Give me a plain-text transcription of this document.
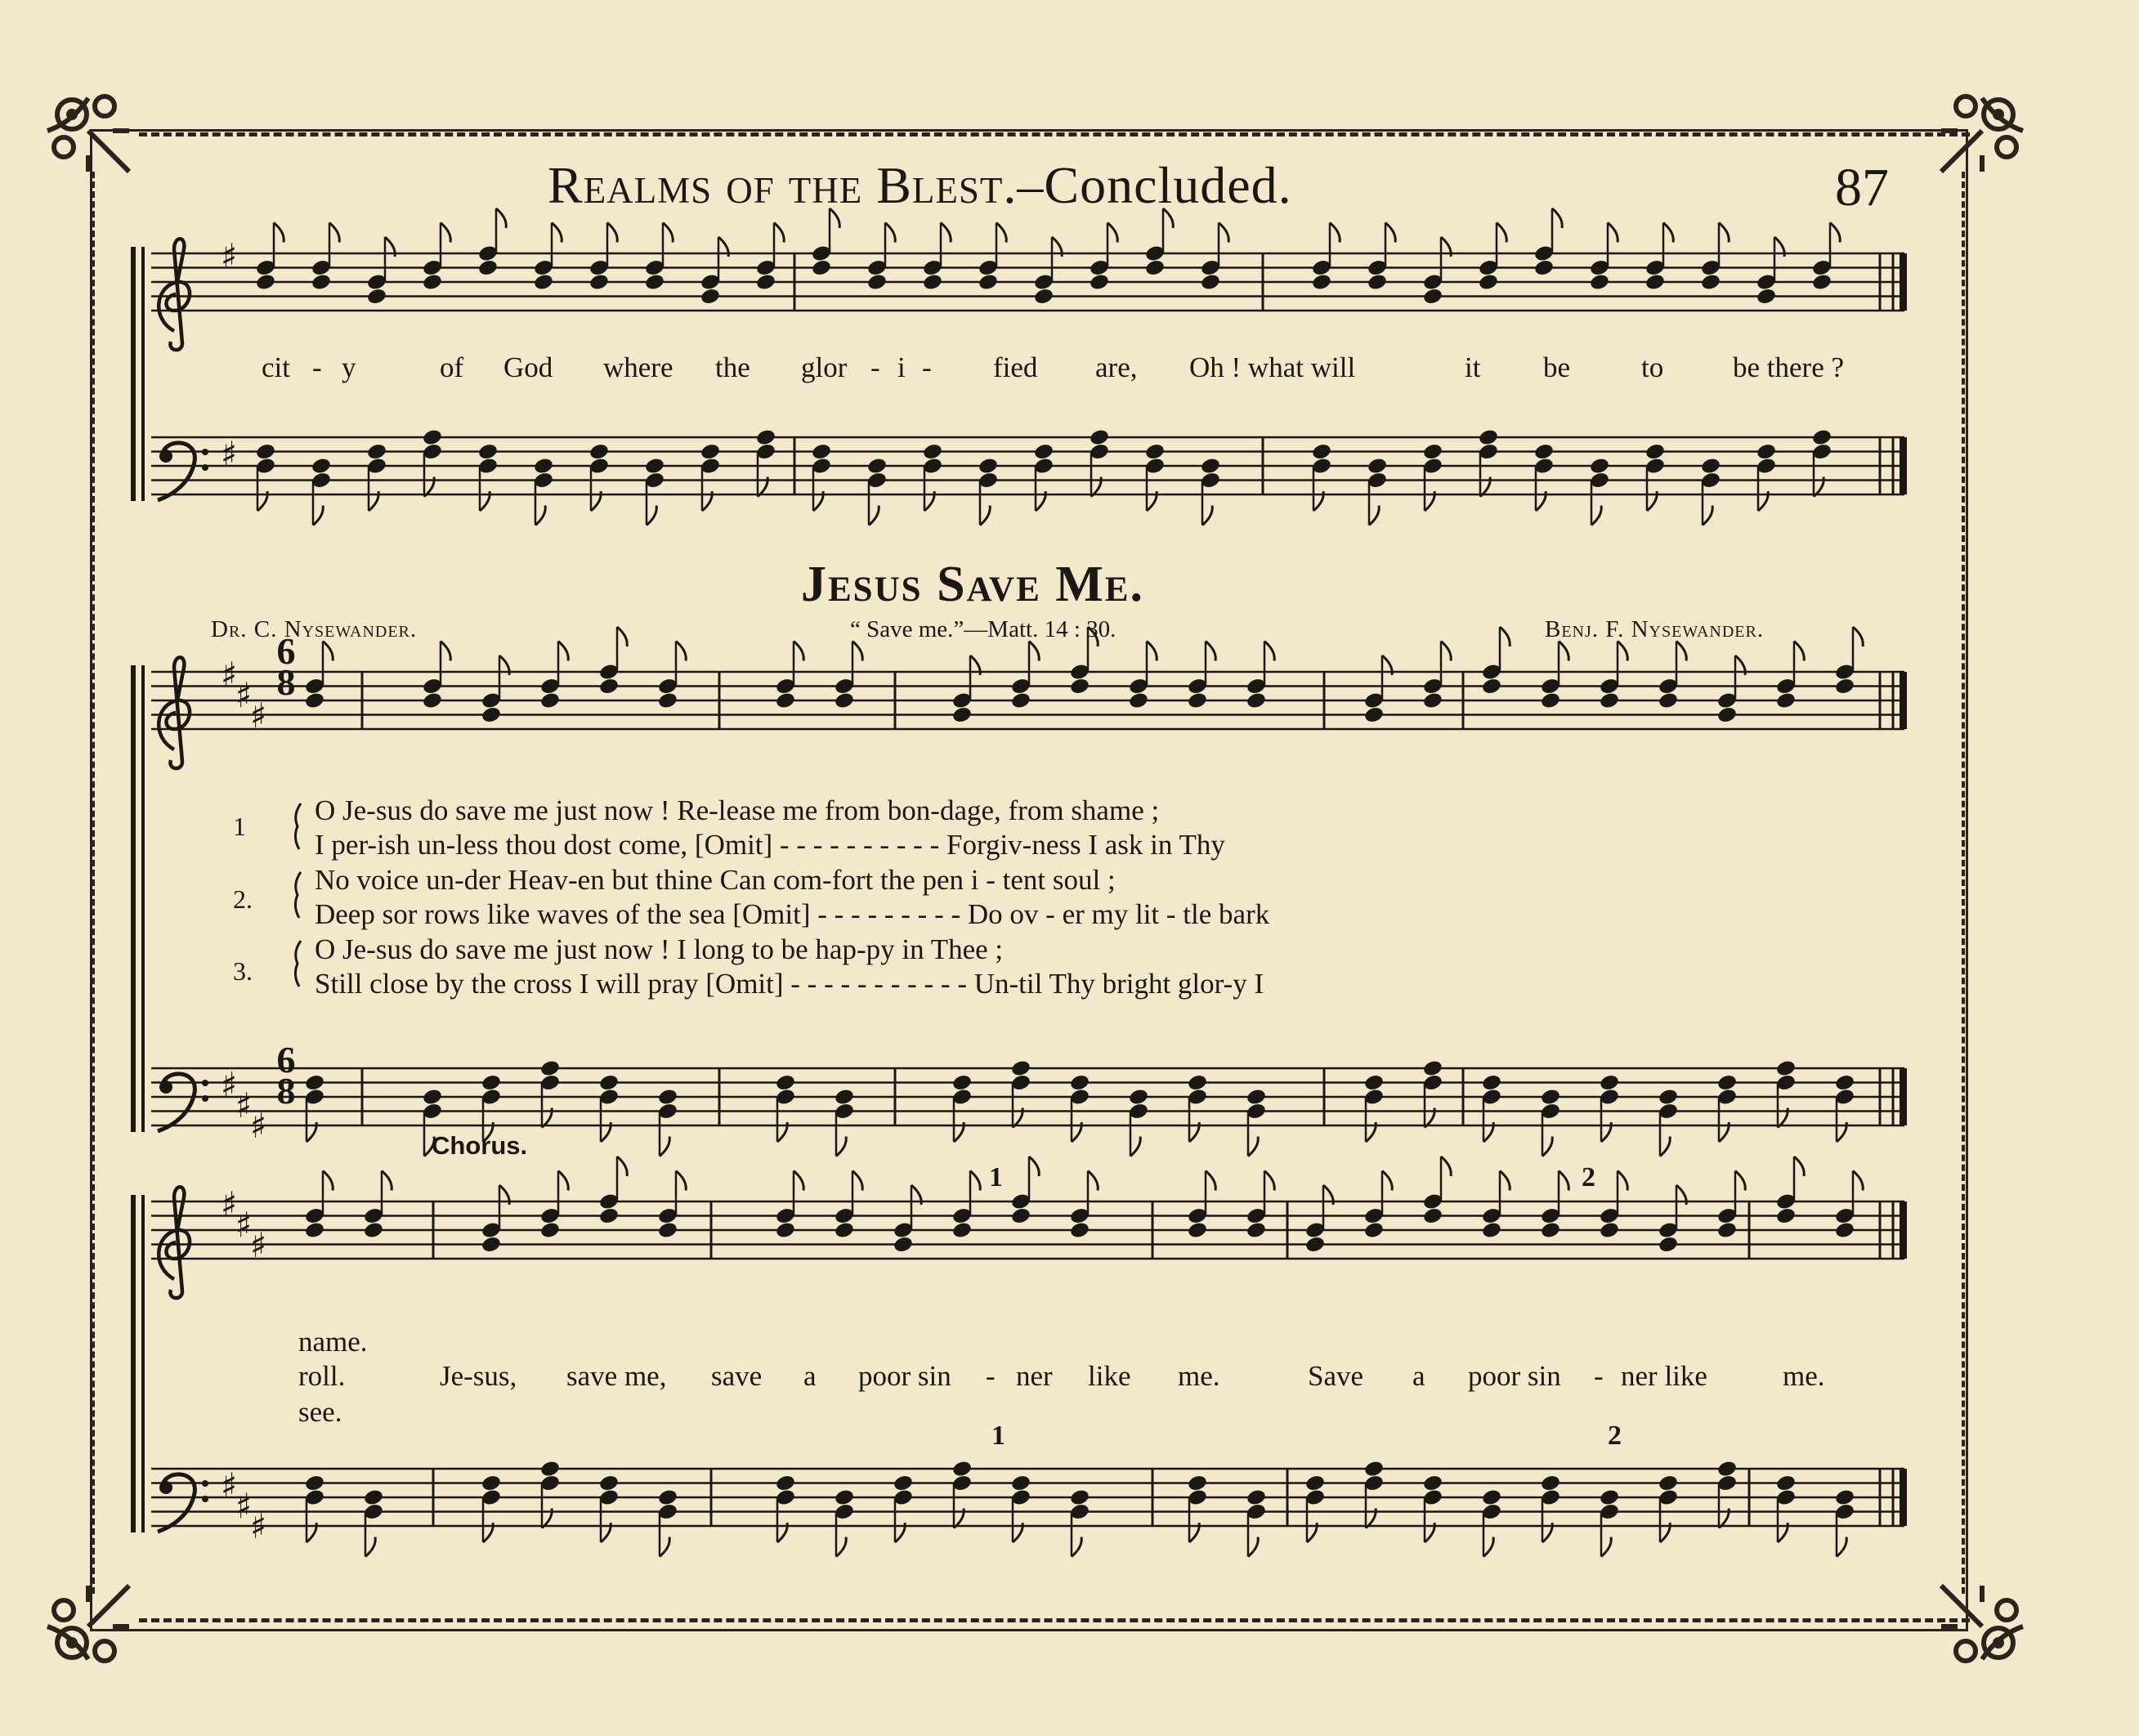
Realms of the Blest.–Concluded.	87
Jesus Save Me.
Dr. C. Nysewander.	“ Save me.”—Matt. 14 : 30.	Benj. F. Nysewander.
cit - y	of God where the glor - i - fied are, Oh ! what will	it be to be there ?
1
2.
3.
O Je-sus do save me just now ! Re-lease me from bon-dage, from shame ;
I per-ish un-less thou dost come, [Omit] - - - - - - - - - - Forgiv-ness I ask in Thy
No voice un-der Heav-en but thine Can com-fort the pen i - tent soul ;
Deep sor rows like waves of the sea [Omit] - - - - - - - - - Do ov - er my lit - tle bark
O Je-sus do save me just now ! I long to be hap-py in Thee ;
Still close by the cross I will pray [Omit] - - - - - - - - - - - Un-til Thy bright glor-y I
Chorus.
name.
roll.
see.
Je-sus, save me, save a poor sin - ner like me.	Save a poor sin - ner like	me.
1	2
1	2
6
8
6
8
♯
♯
♯
♯
♯
♯
♯
♯
♯
♯
♯
♯
♯
♯
